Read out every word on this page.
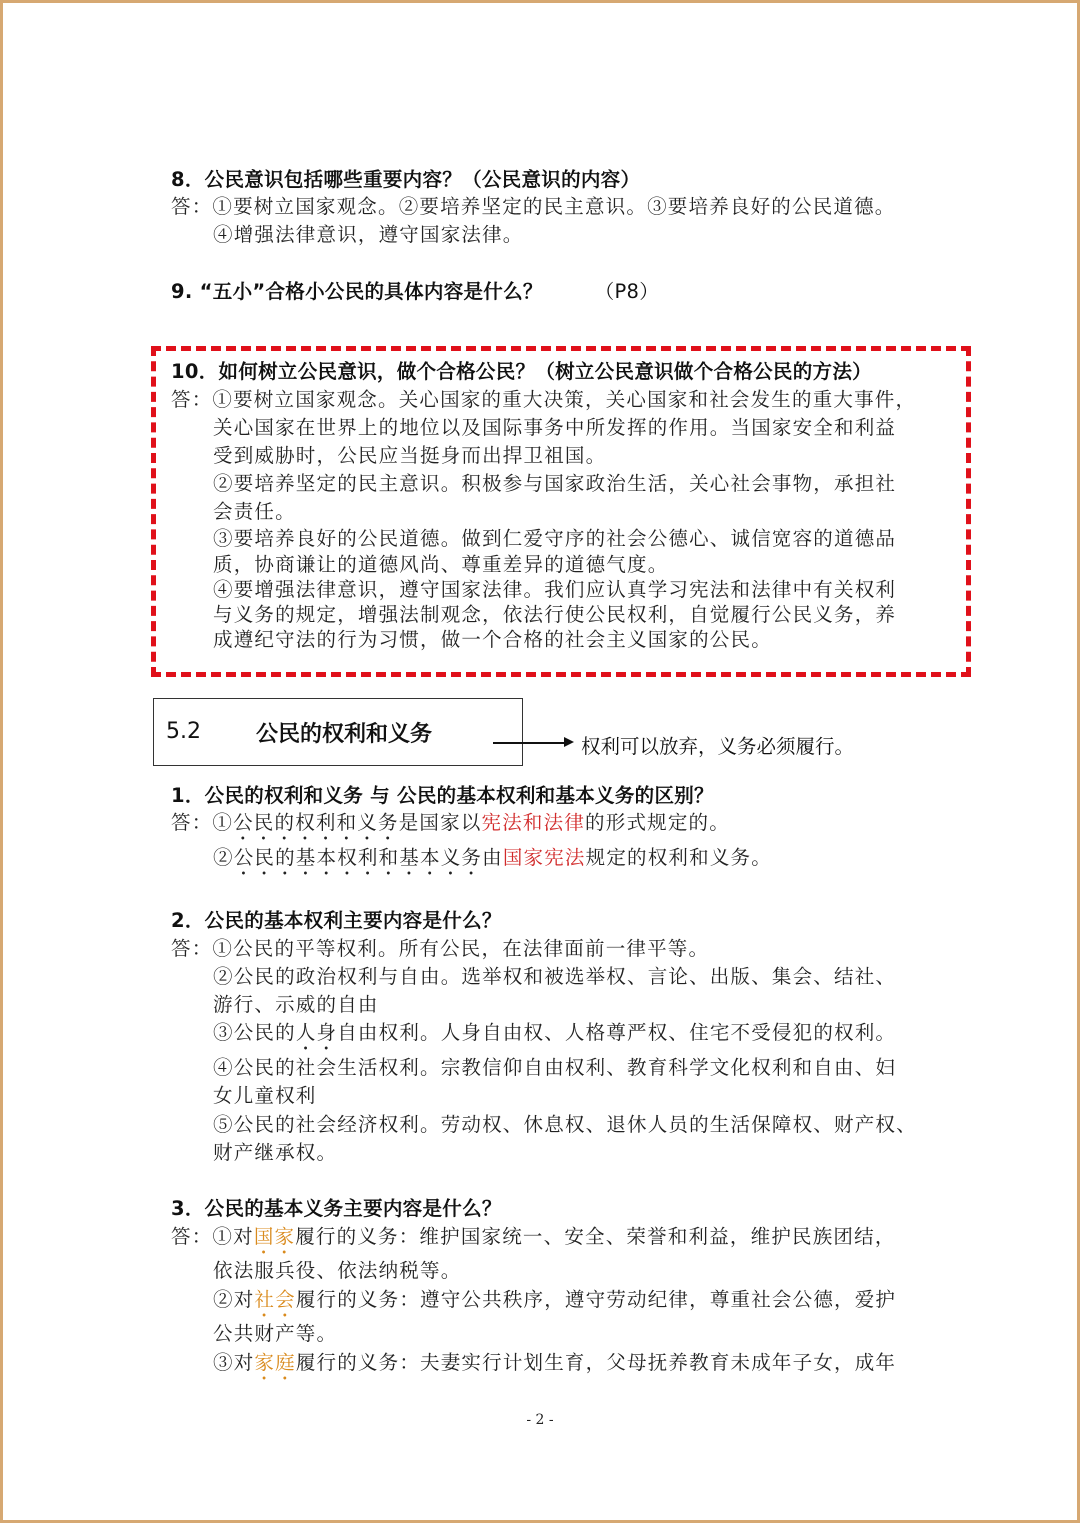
8．公民意识包括哪些重要内容？（公民意识的内容）
答：①要树立国家观念。②要培养坚定的民主意识。③要培养良好的公民道德。
④增强法律意识，遵守国家法律。
9. “五小”合格小公民的具体内容是什么？	（P8）
10．如何树立公民意识，做个合格公民？（树立公民意识做个合格公民的方法）
答：①要树立国家观念。关心国家的重大决策，关心国家和社会发生的重大事件，
关心国家在世界上的地位以及国际事务中所发挥的作用。当国家安全和利益
受到威胁时，公民应当挺身而出捍卫祖国。
②要培养坚定的民主意识。积极参与国家政治生活，关心社会事物，承担社
会责任。
③要培养良好的公民道德。做到仁爱守序的社会公德心、诚信宽容的道德品
质，协商谦让的道德风尚、尊重差异的道德气度。
④要增强法律意识，遵守国家法律。我们应认真学习宪法和法律中有关权利
与义务的规定，增强法制观念，依法行使公民权利，自觉履行公民义务，养
成遵纪守法的行为习惯，做一个合格的社会主义国家的公民。
5.2	公民的权利和义务	权利可以放弃，义务必须履行。
1．公民的权利和义务 与 公民的基本权利和基本义务的区别？
答：①公民的权利和义务是国家以宪法和法律的形式规定的。
②公民的基本权利和基本义务由国家宪法规定的权利和义务。
2．公民的基本权利主要内容是什么？
答：①公民的平等权利。所有公民，在法律面前一律平等。
②公民的政治权利与自由。选举权和被选举权、言论、出版、集会、结社、
游行、示威的自由
③公民的人身自由权利。人身自由权、人格尊严权、住宅不受侵犯的权利。
④公民的社会生活权利。宗教信仰自由权利、教育科学文化权利和自由、妇
女儿童权利
⑤公民的社会经济权利。劳动权、休息权、退休人员的生活保障权、财产权、
财产继承权。
3．公民的基本义务主要内容是什么？
答：①对国家履行的义务：维护国家统一、安全、荣誉和利益，维护民族团结，
依法服兵役、依法纳税等。
②对社会履行的义务：遵守公共秩序，遵守劳动纪律，尊重社会公德，爱护
公共财产等。
③对家庭履行的义务：夫妻实行计划生育，父母抚养教育未成年子女，成年
- 2 -
